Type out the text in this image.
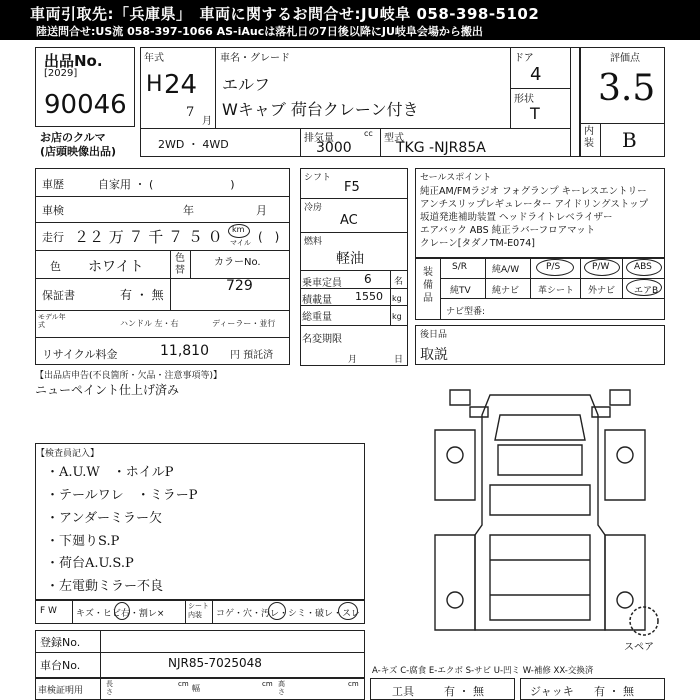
車両引取先:「兵庫県」　車両に関するお問合せ:JU岐阜 058-398-5102
陸送問合せ:US流 058-397-1066 AS-iAucは落札日の7日後以降にJU岐阜会場から搬出
出品No.
[2029]
90046
お店のクルマ
(店頭映像出品)
年式
H 24
7
月
車名・グレード
エルフ
Wキャブ 荷台クレーン付き
ドア
4
形状
T
2WD ・ 4WD	排気量
3000
cc 型式
TKG -NJR85A
評価点
3.5
内装 B
車歴	自家用 ・ (　　　　　　　)
車検	年	月
走行 ２２ 万 ７ 千 ７ ５ ０ km
マイル (　)
色 ホワイト
色替
カラーNo.
729
保証書	有 ・ 無
モデル年式	ハンドル 左・右	ディーラー・並行
リサイクル料金	11,810 円 預託済
シフト
F5
冷房
AC
燃料
軽油
乗車定員 6 名
積載量 1550 kg
総重量	kg
名変期限
月	日
セールスポイント
純正AM/FMラジオ フォグランプ キーレスエントリー
アンチスリップレギュレーター アイドリングストップ
坂道発進補助装置 ヘッドライトレベライザー
エアバック ABS 純正ラバーフロアマット
クレーン[タダノTM-E074]
装備品
S/R	純A/W	P/S	P/W	ABS
純TV 純ナビ 革シート 外ナビ エアB
ナビ型番:
後日品
取説
【出品店申告(不良箇所・欠品・注意事項等)】
ニューペイント仕上げ済み
【検査員記入】
・A.U.W　・ホイルP
・テールワレ　・ミラーP
・アンダーミラー欠
・下廻りS.P
・荷台A.U.S.P
・左電動ミラー不良
F W キズ・ヒビ右・割レ×
シート内装	コゲ・穴・汚レ・シミ・破レ・スレ
登録No.
車台No.	NJR85-7025048
車検証明用
長さ
cm 幅	cm 高さ
cm
A-キズ C-腐食 E-エクボ S-サビ U-凹ミ W-補修 XX-交換済
工具	有 ・ 無	ジャッキ 有 ・ 無
スペア
